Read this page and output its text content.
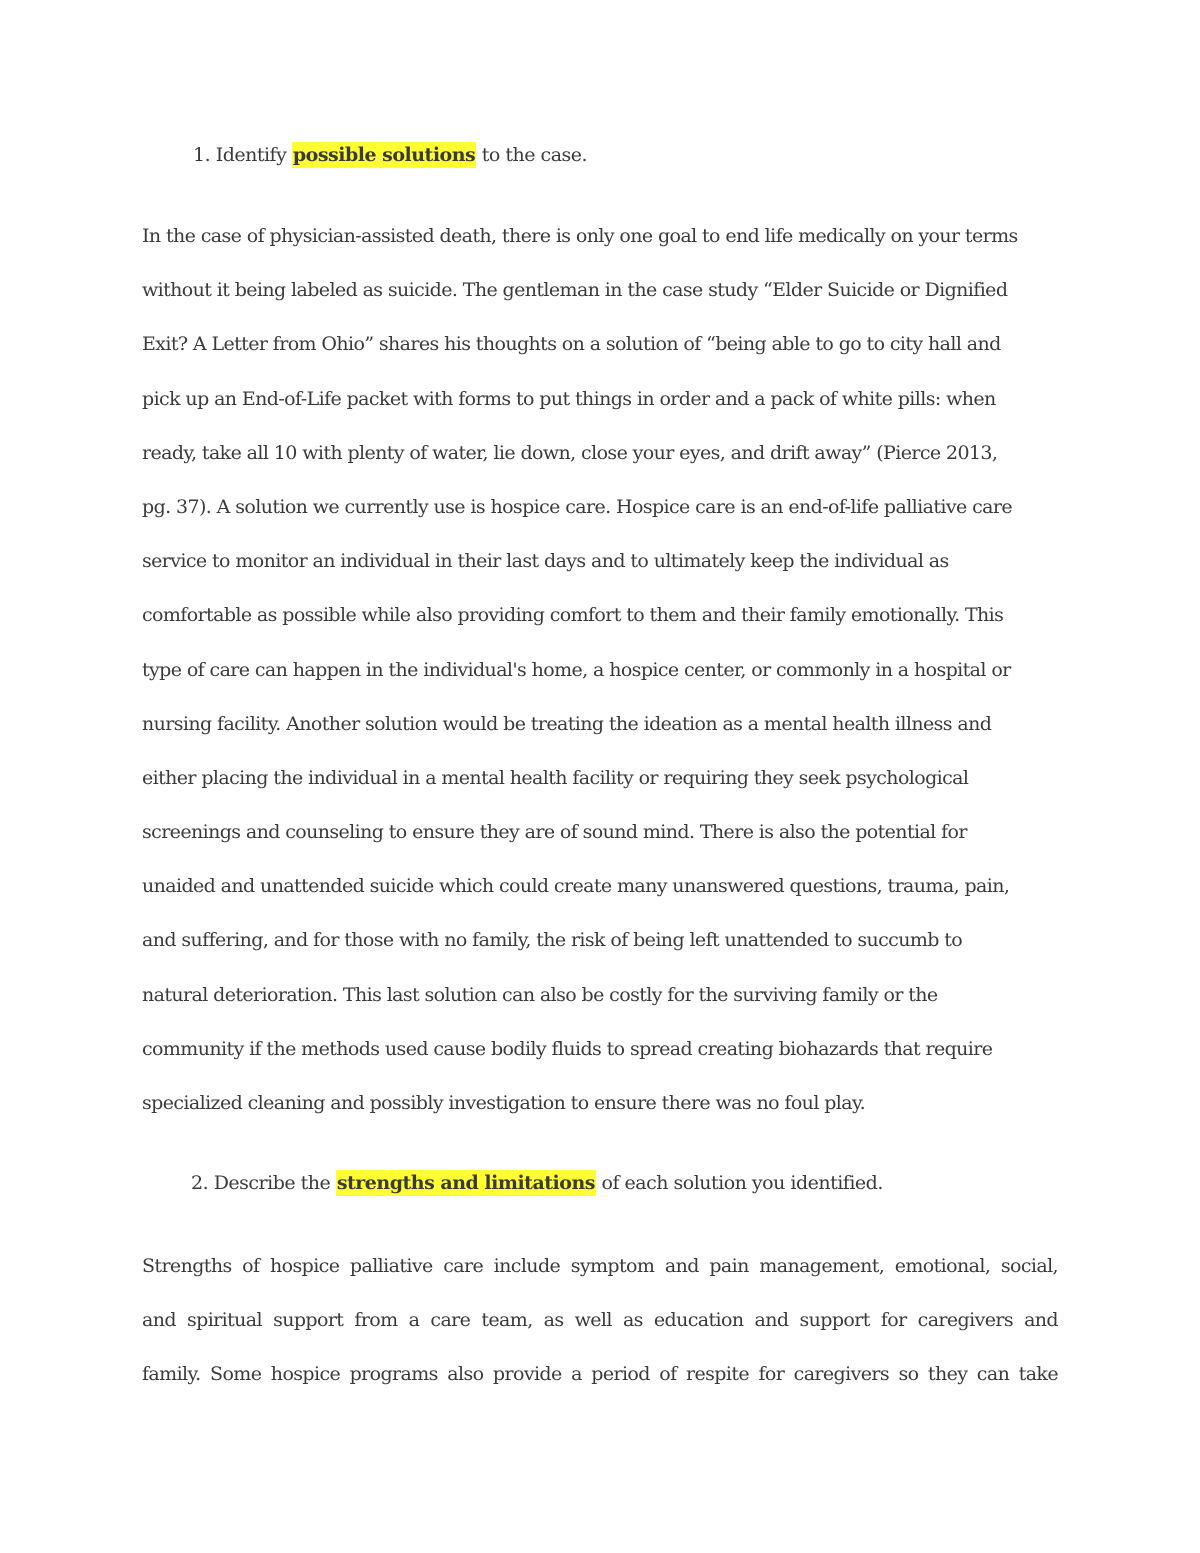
1. Identify possible solutions to the case.
In the case of physician-assisted death, there is only one goal to end life medically on your terms
without it being labeled as suicide. The gentleman in the case study “Elder Suicide or Dignified
Exit? A Letter from Ohio” shares his thoughts on a solution of “being able to go to city hall and
pick up an End-of-Life packet with forms to put things in order and a pack of white pills: when
ready, take all 10 with plenty of water, lie down, close your eyes, and drift away” (Pierce 2013,
pg. 37). A solution we currently use is hospice care. Hospice care is an end-of-life palliative care
service to monitor an individual in their last days and to ultimately keep the individual as
comfortable as possible while also providing comfort to them and their family emotionally. This
type of care can happen in the individual's home, a hospice center, or commonly in a hospital or
nursing facility. Another solution would be treating the ideation as a mental health illness and
either placing the individual in a mental health facility or requiring they seek psychological
screenings and counseling to ensure they are of sound mind. There is also the potential for
unaided and unattended suicide which could create many unanswered questions, trauma, pain,
and suffering, and for those with no family, the risk of being left unattended to succumb to
natural deterioration. This last solution can also be costly for the surviving family or the
community if the methods used cause bodily fluids to spread creating biohazards that require
specialized cleaning and possibly investigation to ensure there was no foul play.
2. Describe the strengths and limitations of each solution you identified.
Strengths of hospice palliative care include symptom and pain management, emotional, social,
and spiritual support from a care team, as well as education and support for caregivers and
family. Some hospice programs also provide a period of respite for caregivers so they can take
